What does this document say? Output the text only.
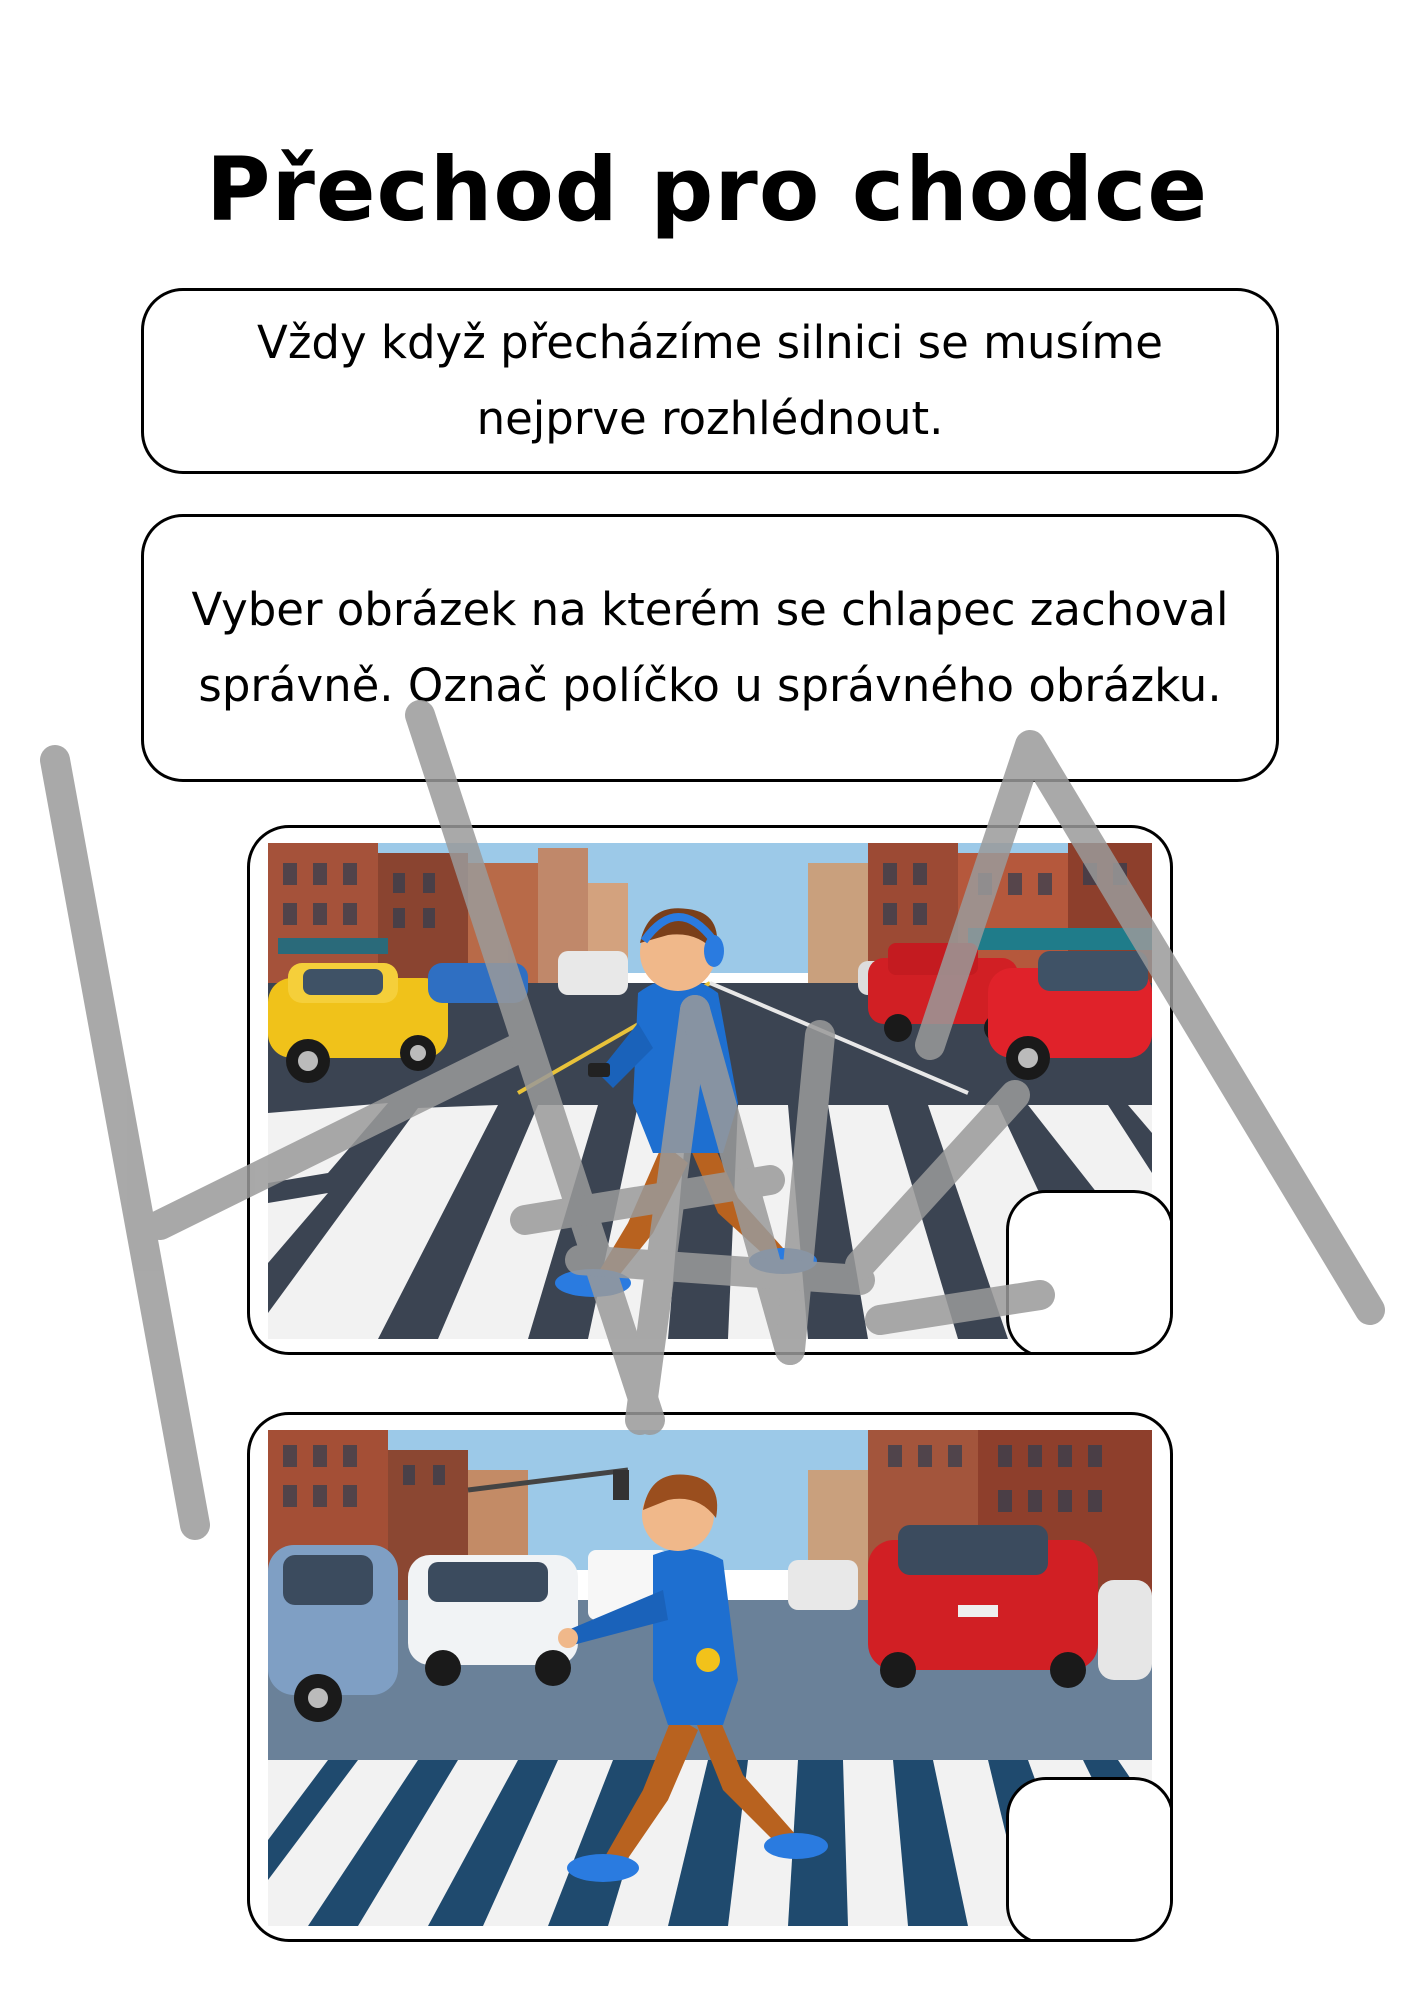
Přechod pro chodce
Vždy když přecházíme silnici se musíme nejprve rozhlédnout.
Vyber obrázek na kterém se chlapec zachoval správně. Označ políčko u správného obrázku.
